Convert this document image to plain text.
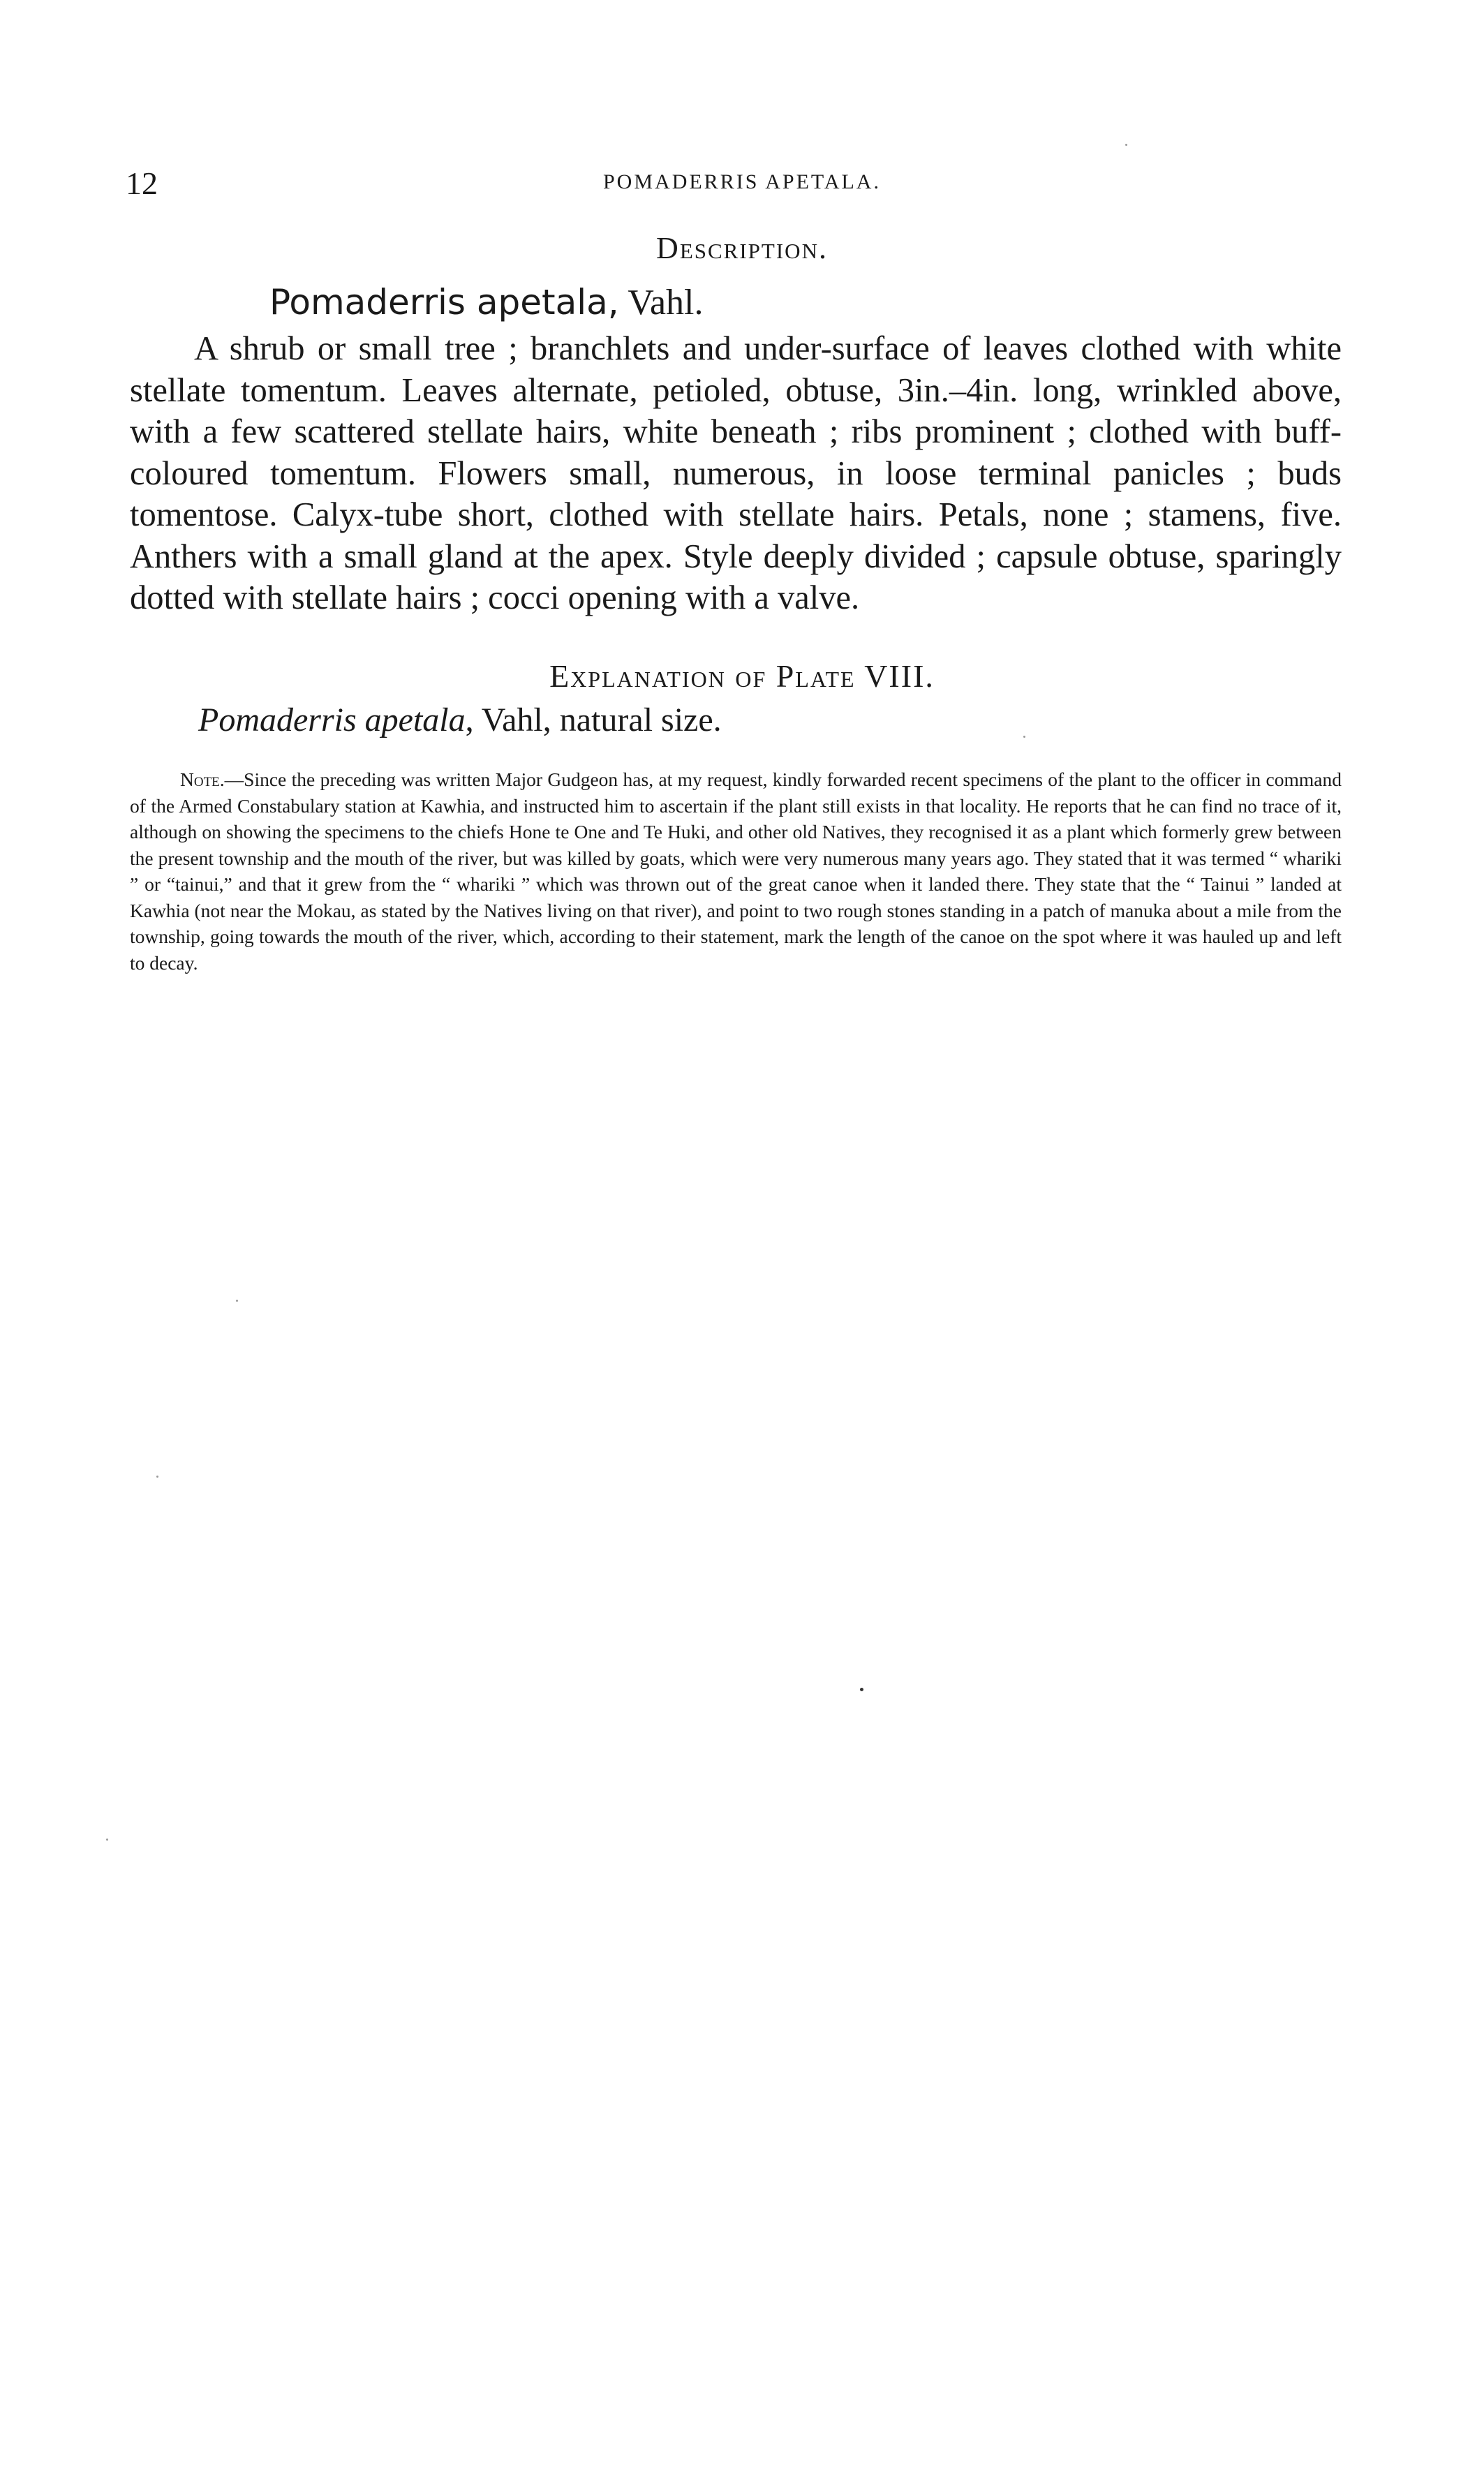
12	POMADERRIS APETALA.
Description.
Pomaderris apetala, Vahl.

A shrub or small tree ; branchlets and under-surface of leaves clothed with white stellate tomentum. Leaves alternate, petioled, obtuse, 3in.–4in. long, wrinkled above, with a few scattered stellate hairs, white beneath ; ribs prominent ; clothed with buff-coloured tomentum. Flowers small, numerous, in loose terminal panicles ; buds tomentose. Calyx-tube short, clothed with stellate hairs. Petals, none ; stamens, five. Anthers with a small gland at the apex. Style deeply divided ; capsule obtuse, sparingly dotted with stellate hairs ; cocci opening with a valve.

Explanation of Plate VIII.
Pomaderris apetala, Vahl, natural size.

Note.—Since the preceding was written Major Gudgeon has, at my request, kindly forwarded recent specimens of the plant to the officer in command of the Armed Constabulary station at Kawhia, and instructed him to ascertain if the plant still exists in that locality. He reports that he can find no trace of it, although on showing the specimens to the chiefs Hone te One and Te Huki, and other old Natives, they recognised it as a plant which formerly grew between the present township and the mouth of the river, but was killed by goats, which were very numerous many years ago. They stated that it was termed “ whariki ” or “tainui,” and that it grew from the “ whariki ” which was thrown out of the great canoe when it landed there. They state that the “ Tainui ” landed at Kawhia (not near the Mokau, as stated by the Natives living on that river), and point to two rough stones standing in a patch of manuka about a mile from the township, going towards the mouth of the river, which, according to their statement, mark the length of the canoe on the spot where it was hauled up and left to decay.
